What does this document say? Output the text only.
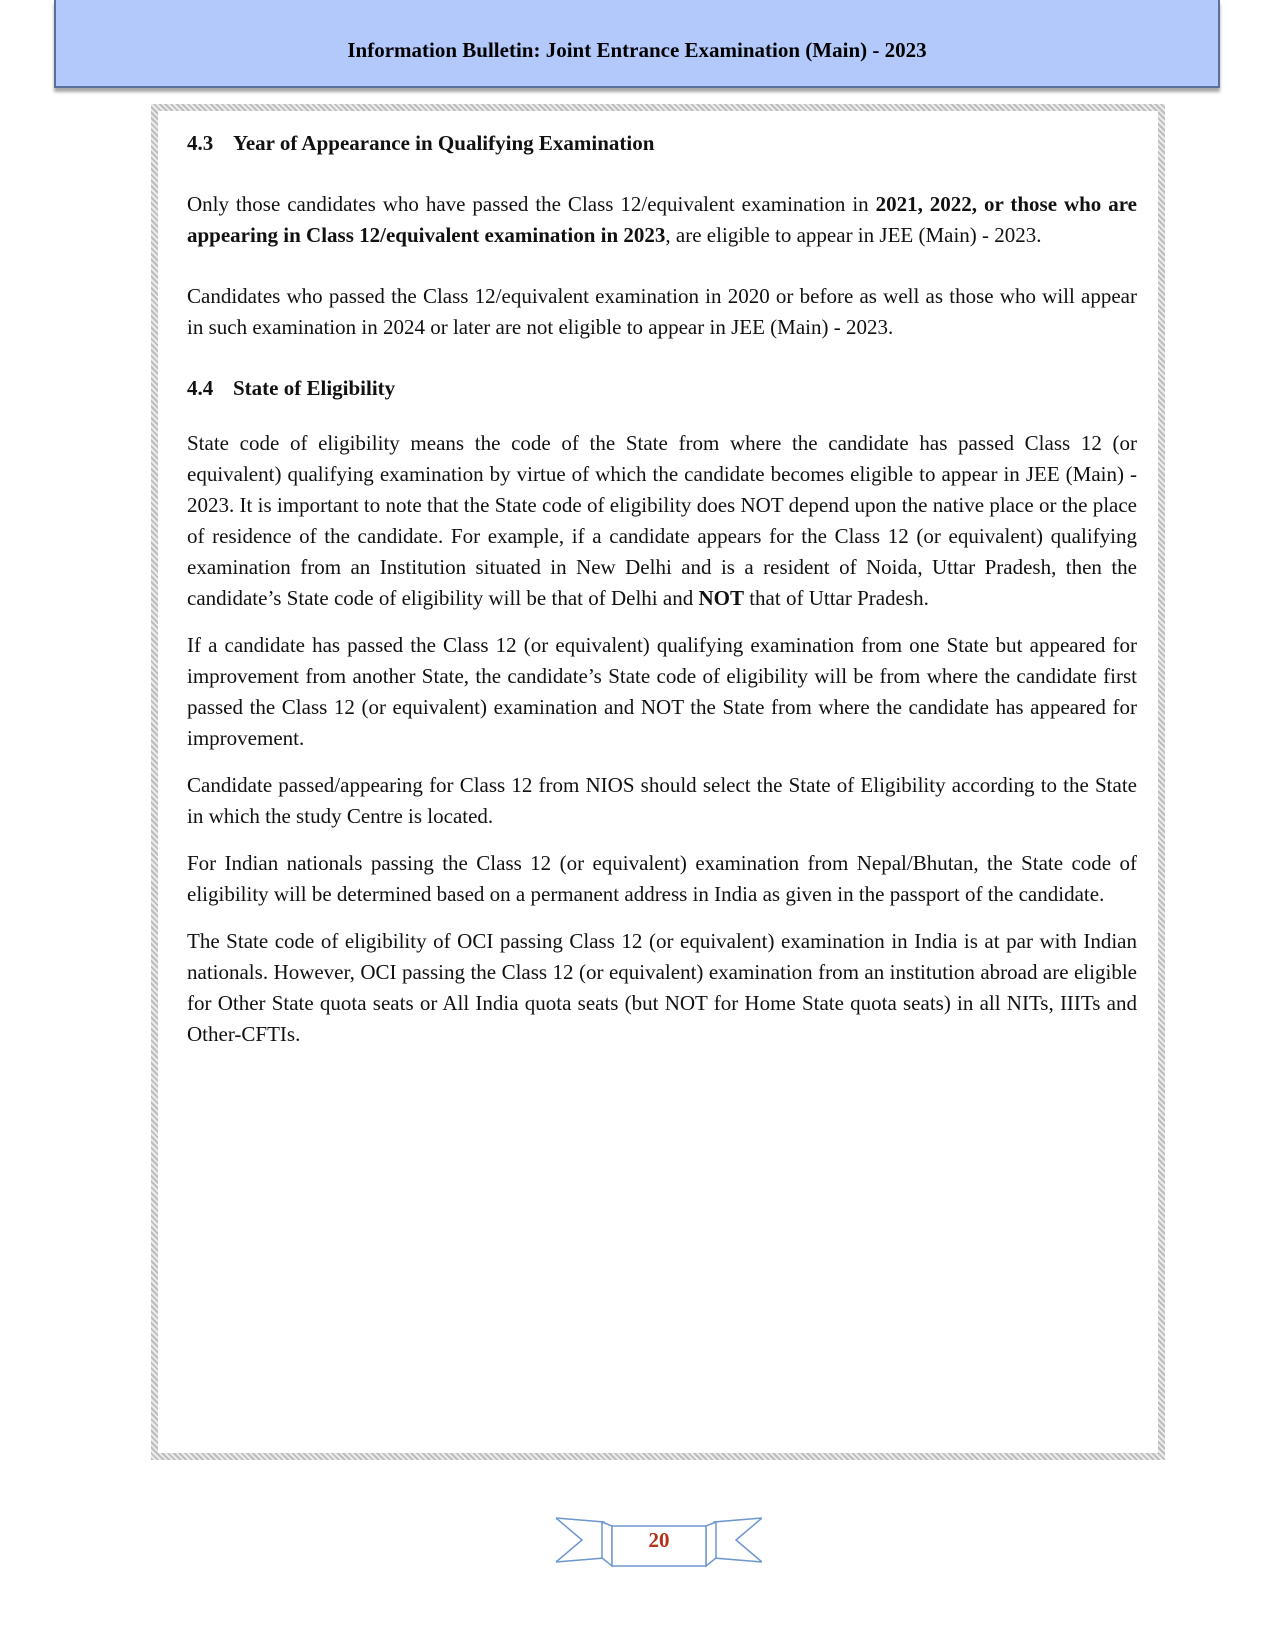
Information Bulletin: Joint Entrance Examination (Main) - 2023
4.3 Year of Appearance in Qualifying Examination

Only those candidates who have passed the Class 12/equivalent examination in 2021, 2022, or those who are appearing in Class 12/equivalent examination in 2023, are eligible to appear in JEE (Main) - 2023.

Candidates who passed the Class 12/equivalent examination in 2020 or before as well as those who will appear in such examination in 2024 or later are not eligible to appear in JEE (Main) - 2023.

4.4 State of Eligibility

State code of eligibility means the code of the State from where the candidate has passed Class 12 (or equivalent) qualifying examination by virtue of which the candidate becomes eligible to appear in JEE (Main) - 2023. It is important to note that the State code of eligibility does NOT depend upon the native place or the place of residence of the candidate. For example, if a candidate appears for the Class 12 (or equivalent) qualifying examination from an Institution situated in New Delhi and is a resident of Noida, Uttar Pradesh, then the candidate’s State code of eligibility will be that of Delhi and NOT that of Uttar Pradesh.

If a candidate has passed the Class 12 (or equivalent) qualifying examination from one State but appeared for improvement from another State, the candidate’s State code of eligibility will be from where the candidate first passed the Class 12 (or equivalent) examination and NOT the State from where the candidate has appeared for improvement.

Candidate passed/appearing for Class 12 from NIOS should select the State of Eligibility according to the State in which the study Centre is located.

For Indian nationals passing the Class 12 (or equivalent) examination from Nepal/Bhutan, the State code of eligibility will be determined based on a permanent address in India as given in the passport of the candidate.

The State code of eligibility of OCI passing Class 12 (or equivalent) examination in India is at par with Indian nationals. However, OCI passing the Class 12 (or equivalent) examination from an institution abroad are eligible for Other State quota seats or All India quota seats (but NOT for Home State quota seats) in all NITs, IIITs and Other-CFTIs.

20
